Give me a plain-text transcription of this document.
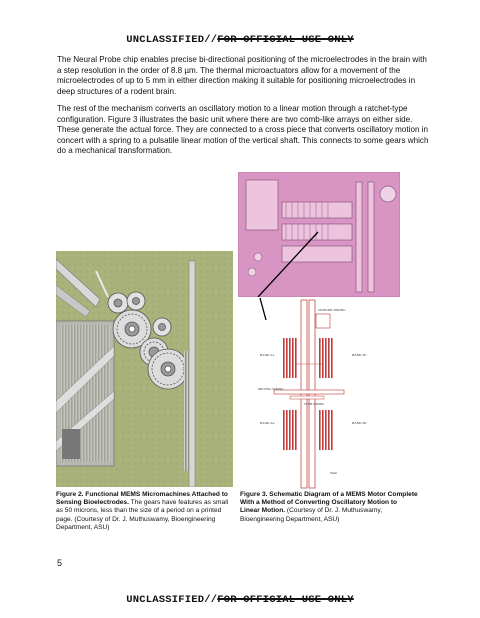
UNCLASSIFIED//FOR OFFICIAL USE ONLY

The Neural Probe chip enables precise bi-directional positioning of the microelectrodes in the brain with a step resolution in the order of 8.8 µm. The thermal microactuators allow for a movement of the microelectrodes of up to 5 mm in either direction making it suitable for positioning microelectrodes in deep structures of a rodent brain.

The rest of the mechanism converts an oscillatory motion to a linear motion through a ratchet-type configuration. Figure 3 illustrates the basic unit where there are two comb-like arrays on either side. These generate the actual force. They are connected to a cross piece that converts oscillatory motion in concert with a spring to a pulsatile linear motion of the vertical shaft. This connects to some gears which do a mechanical transformation.

SUPPORT SPRING
BANK A1	BANK B1
DRIVING SPRING
STUB SPRING
BANK A2	BANK B2
Shaft

Figure 2. Functional MEMS Micromachines Attached to Sensing Bioelectrodes. The gears have features as small as 50 microns, less than the size of a period on a printed page. (Courtesy of Dr. J. Muthuswamy, Bioengineering Department, ASU)

Figure 3. Schematic Diagram of a MEMS Motor Complete With a Method of Converting Oscillatory Motion to Linear Motion. (Courtesy of Dr. J. Muthuswamy, Bioengineering Department, ASU)

5
UNCLASSIFIED//FOR OFFICIAL USE ONLY
